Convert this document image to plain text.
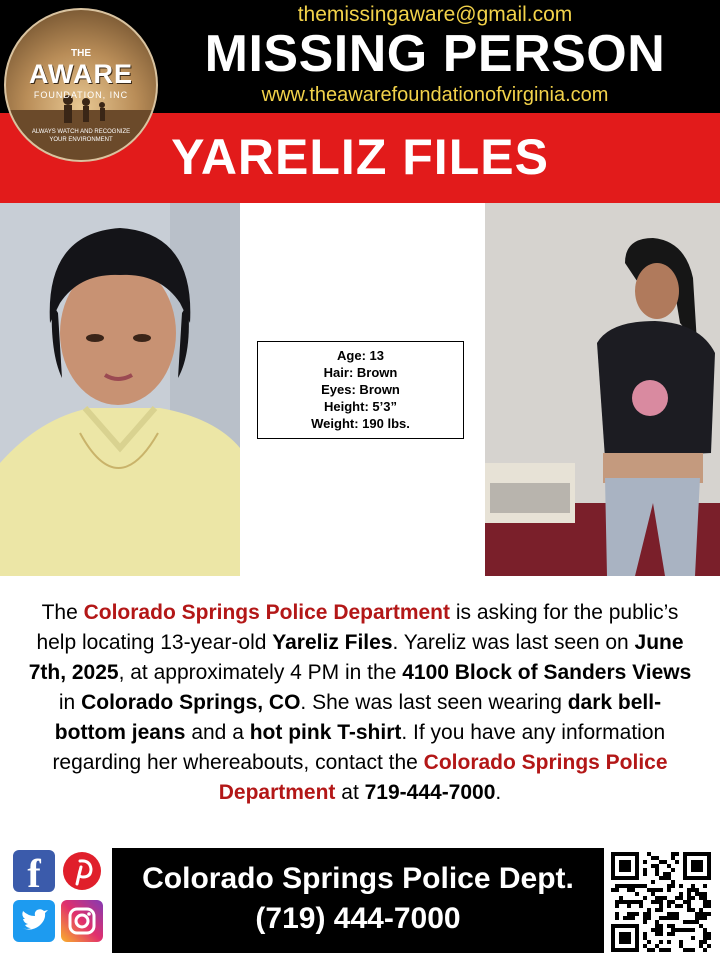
themissingaware@gmail.com
MISSING PERSON
www.theawarefoundationofvirginia.com
YARELIZ FILES
THE
AWARE
FOUNDATION, INC
ALWAYS WATCH AND RECOGNIZE YOUR ENVIRONMENT
Age: 13
Hair: Brown
Eyes: Brown
Height: 5’3”
Weight: 190 lbs.
The Colorado Springs Police Department is asking for the public’s help locating 13-year-old Yareliz Files. Yareliz was last seen on June 7th, 2025, at approximately 4 PM in the 4100 Block of Sanders Views in Colorado Springs, CO. She was last seen wearing dark bell-bottom jeans and a hot pink T-shirt. If you have any information regarding her whereabouts, contact the Colorado Springs Police Department at 719-444-7000.
f	Colorado Springs Police Dept.
(719) 444-7000
